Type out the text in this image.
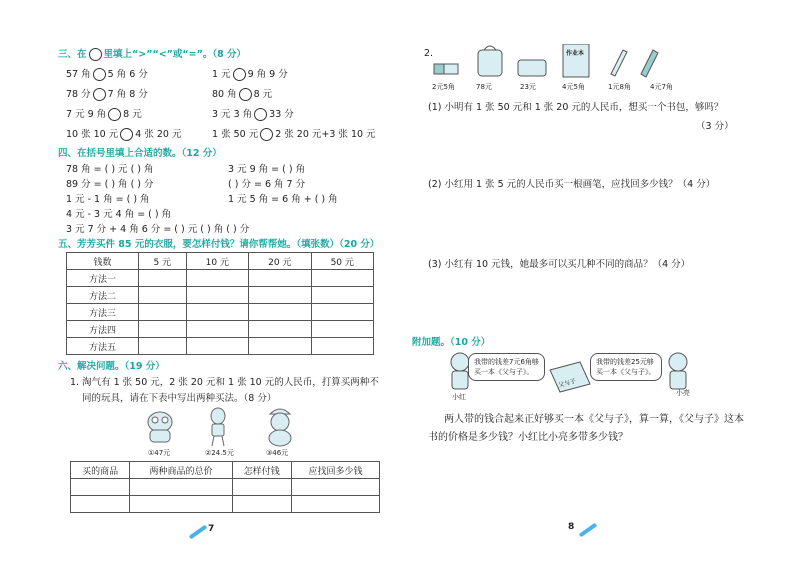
三、在 里填上“>”“<”或“=”。（8 分）
57 角 5 角 6 分	1 元 9 角 9 分
78 分 7 角 8 分	80 角 8 元
7 元 9 角 8 元	3 元 3 角 33 分
10 张 10 元 4 张 20 元	1 张 50 元 2 张 20 元+3 张 10 元
四、在括号里填上合适的数。（12 分）
78 角 = ( ) 元 ( ) 角	3 元 9 角 = ( ) 角
89 分 = ( ) 角 ( ) 分	( ) 分 = 6 角 7 分
1 元 - 1 角 = ( ) 角	1 元 5 角 = 6 角 + ( ) 角
4 元 - 3 元 4 角 = ( ) 角
3 元 7 分 + 4 角 6 分 = ( ) 元 ( ) 角 ( ) 分
五、芳芳买件 85 元的衣服，要怎样付钱？请你帮帮她。（填张数）（20 分）
钱数	5 元	10 元	20 元	50 元
方法一				
方法二				
方法三				
方法四				
方法五				
六、解决问题。（19 分）
1. 淘气有 1 张 50 元，2 张 20 元和 1 张 10 元的人民币，打算买两种不
同的玩具，请在下表中写出两种买法。（8 分）
①47元	②24.5元	③46元
买的商品	两种商品的总价	怎样付钱	应找回多少钱

7
2.	作业本
2元5角	78元	23元	4元5角	1元8角	4元7角
(1) 小明有 1 张 50 元和 1 张 20 元的人民币，想买一个书包，够吗？
（3 分）
(2) 小红用 1 张 5 元的人民币买一根画笔，应找回多少钱？（4 分）
(3) 小红有 10 元钱，她最多可以买几种不同的商品？（4 分）
附加题。（10 分）
我带的钱差7元6角够
买一本《父与子》。
我带的钱差25元够
买一本《父与子》。
父与子
小红	小亮
两人带的钱合起来正好够买一本《父与子》，算一算，《父与子》这本
书的价格是多少钱？小红比小亮多带多少钱？
8
